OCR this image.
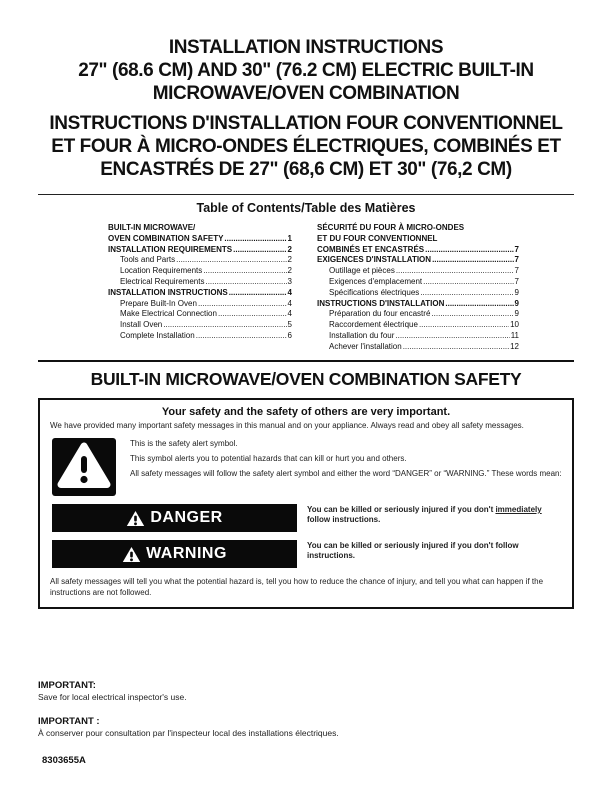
INSTALLATION INSTRUCTIONS
27" (68.6 CM) AND 30" (76.2 CM) ELECTRIC BUILT-IN
MICROWAVE/OVEN COMBINATION
INSTRUCTIONS D'INSTALLATION FOUR CONVENTIONNEL
ET FOUR À MICRO-ONDES ÉLECTRIQUES, COMBINÉS ET
ENCASTRÉS DE 27" (68,6 CM) ET 30" (76,2 CM)
Table of Contents/Table des Matières
BUILT-IN MICROWAVE/
OVEN COMBINATION SAFETY .....	1
INSTALLATION REQUIREMENTS .....	2
Tools and Parts .....	2
Location Requirements .....	2
Electrical Requirements .....	3
INSTALLATION INSTRUCTIONS .....	4
Prepare Built-In Oven .....	4
Make Electrical Connection .....	4
Install Oven .....	5
Complete Installation .....	6
SÉCURITÉ DU FOUR À MICRO-ONDES
ET DU FOUR CONVENTIONNEL
COMBINÉS ET ENCASTRÉS .....	7
EXIGENCES D'INSTALLATION .....	7
Outillage et pièces .....	7
Exigences d'emplacement .....	7
Spécifications électriques .....	9
INSTRUCTIONS D'INSTALLATION .....	9
Préparation du four encastré .....	9
Raccordement électrique .....	10
Installation du four .....	11
Achever l'installation .....	12
BUILT-IN MICROWAVE/OVEN COMBINATION SAFETY
Your safety and the safety of others are very important.
We have provided many important safety messages in this manual and on your appliance. Always read and obey all safety messages.
This is the safety alert symbol.
This symbol alerts you to potential hazards that can kill or hurt you and others.
All safety messages will follow the safety alert symbol and either the word “DANGER” or “WARNING.” These words mean:
DANGER	You can be killed or seriously injured if you don't immediately follow instructions.
WARNING	You can be killed or seriously injured if you don't follow instructions.
All safety messages will tell you what the potential hazard is, tell you how to reduce the chance of injury, and tell you what can happen if the instructions are not followed.
IMPORTANT:
Save for local electrical inspector's use.
IMPORTANT :
À conserver pour consultation par l'inspecteur local des installations électriques.
8303655A
